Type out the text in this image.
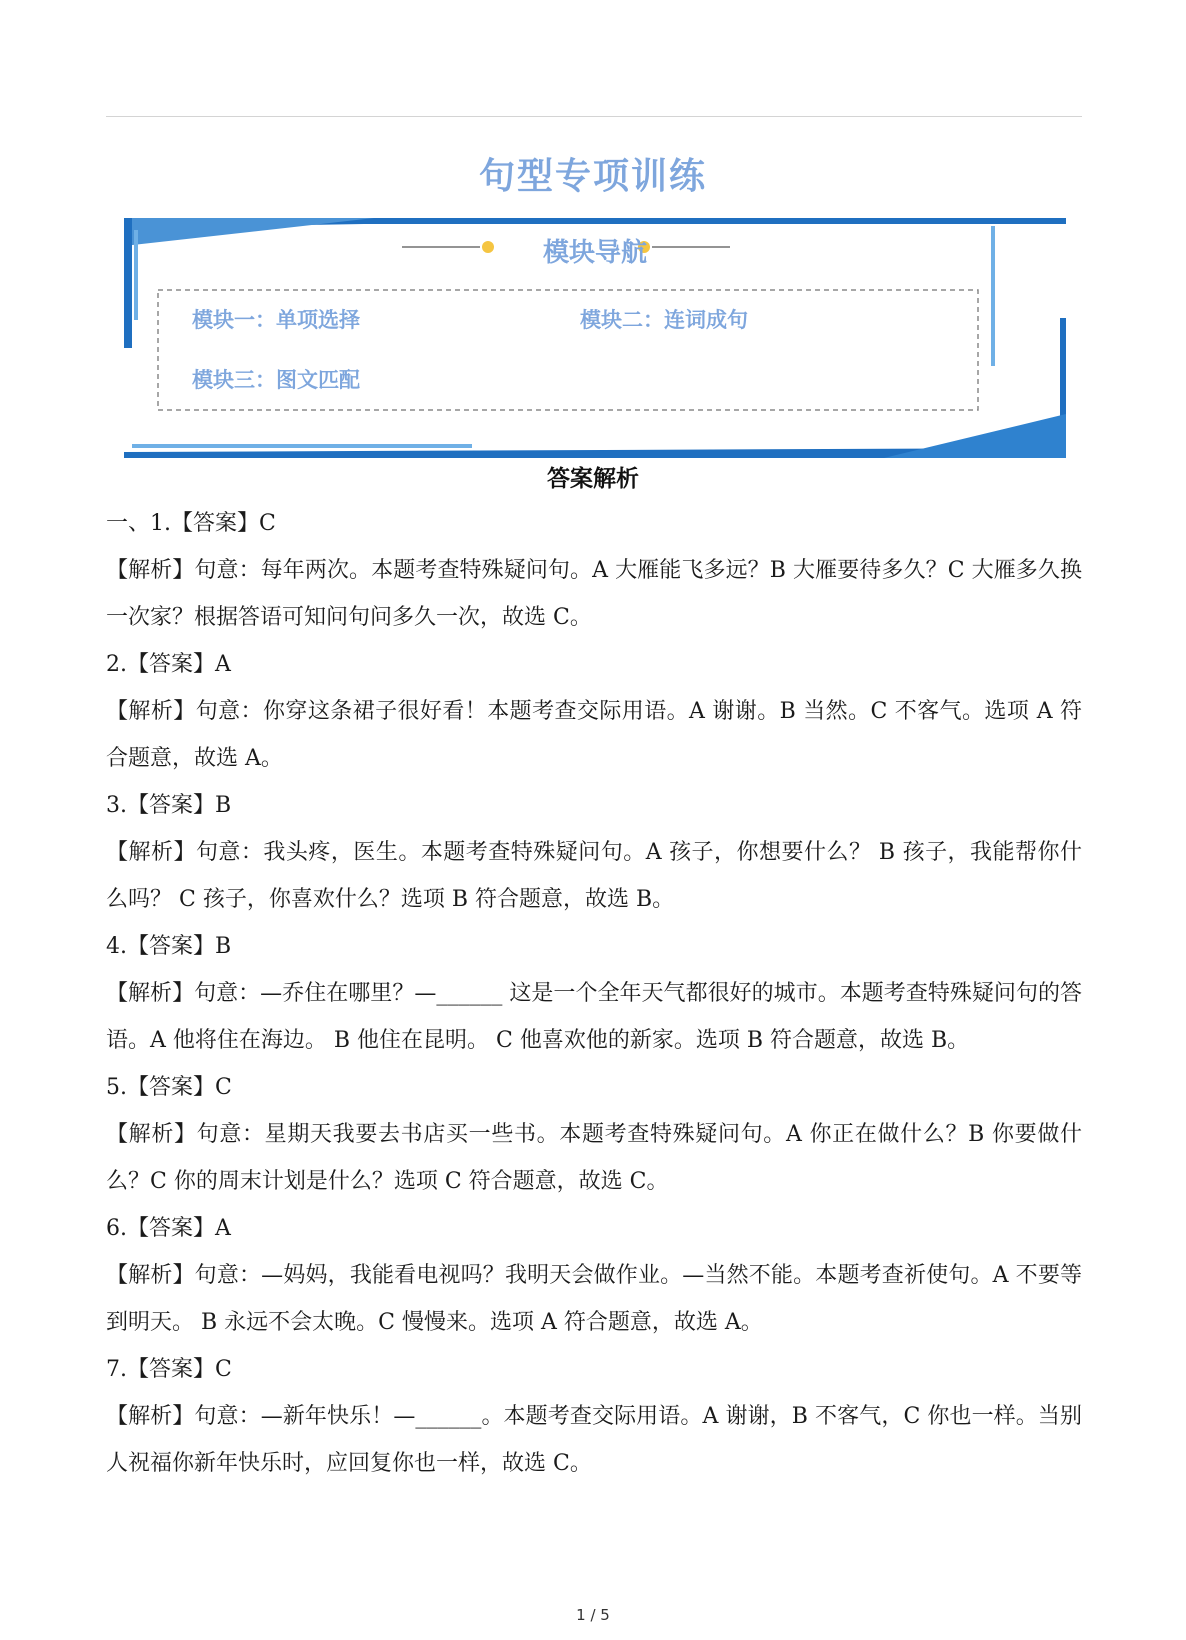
句型专项训练
模块导航
模块一：单项选择	模块二：连词成句
模块三：图文匹配
答案解析

一、1.【答案】C

【解析】句意：每年两次。本题考查特殊疑问句。A 大雁能飞多远？B 大雁要待多久？C 大雁多久换一次家？根据答语可知问句问多久一次，故选 C。

2.【答案】A

【解析】句意：你穿这条裙子很好看！本题考查交际用语。A 谢谢。B 当然。C 不客气。选项 A 符合题意，故选 A。

3.【答案】B

【解析】句意：我头疼，医生。本题考查特殊疑问句。A 孩子，你想要什么？ B 孩子，我能帮你什么吗？ C 孩子，你喜欢什么？选项 B 符合题意，故选 B。

4.【答案】B

【解析】句意：—乔住在哪里？—______ 这是一个全年天气都很好的城市。本题考查特殊疑问句的答语。A 他将住在海边。 B 他住在昆明。 C 他喜欢他的新家。选项 B 符合题意，故选 B。

5.【答案】C

【解析】句意：星期天我要去书店买一些书。本题考查特殊疑问句。A 你正在做什么？B 你要做什么？C 你的周末计划是什么？选项 C 符合题意，故选 C。

6.【答案】A

【解析】句意：—妈妈，我能看电视吗？我明天会做作业。—当然不能。本题考查祈使句。A 不要等到明天。 B 永远不会太晚。C 慢慢来。选项 A 符合题意，故选 A。

7.【答案】C

【解析】句意：—新年快乐！—______。本题考查交际用语。A 谢谢，B 不客气，C 你也一样。当别人祝福你新年快乐时，应回复你也一样，故选 C。

1 / 5
